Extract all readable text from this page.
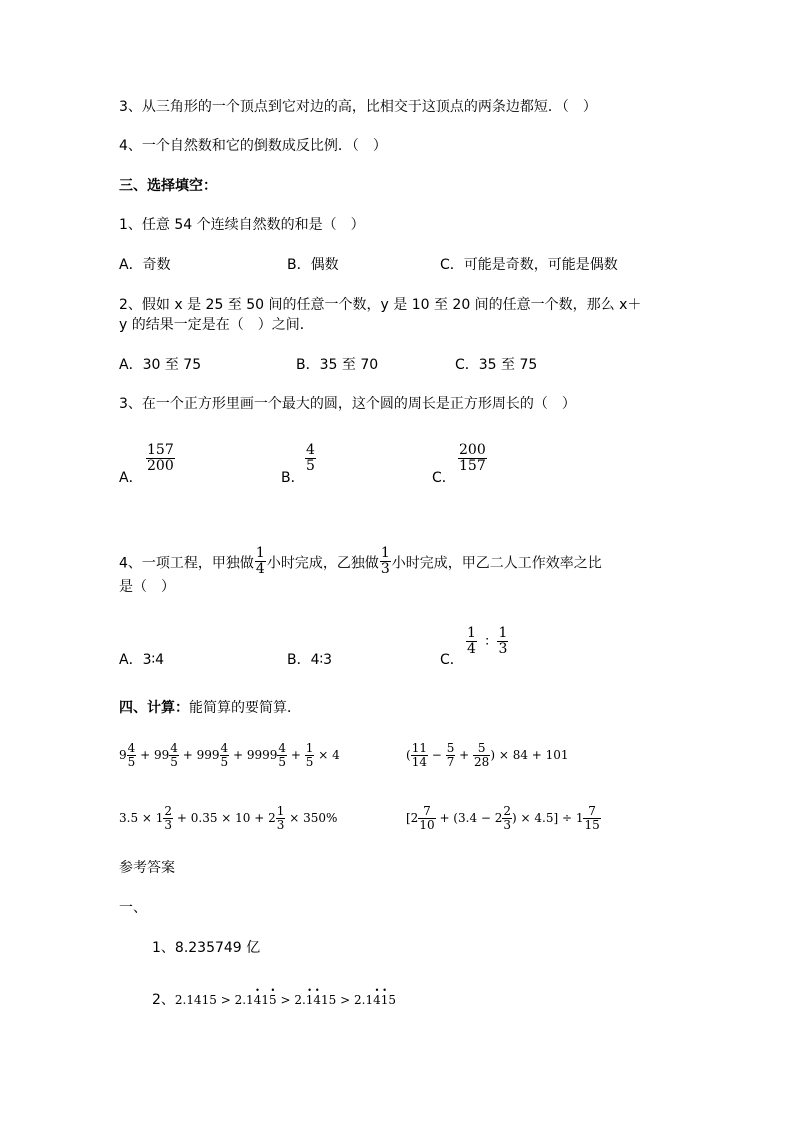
3、从三角形的一个顶点到它对边的高，比相交于这顶点的两条边都短．（　）
4、一个自然数和它的倒数成反比例．（　）
三、选择填空：
1、任意 54 个连续自然数的和是（　）
A．奇数	B．偶数	C．可能是奇数，可能是偶数
2、假如 x 是 25 至 50 间的任意一个数，y 是 10 至 20 间的任意一个数，那么 x＋
y 的结果一定是在（　）之间．
A．30 至 75	B．35 至 70	C．35 至 75
3、在一个正方形里画一个最大的圆，这个圆的周长是正方形周长的（　）
A．
$\frac{157}{200}$
B．
$\frac{4}{5}$
C．
$\frac{200}{157}$
4、一项工程，甲独做 $\frac{1}{4}$ 小时完成，乙独做 $\frac{1}{3}$ 小时完成，甲乙二人工作效率之比
是（　）
A．3∶4	B．4∶3	C．
$\frac{1}{4}$ ∶ $\frac{1}{3}$
四、计算：能简算的要简算．
$9 \frac{4}{5} + 99 \frac{4}{5} + 999 \frac{4}{5} + 9999 \frac{4}{5} + \frac{1}{5} \times 4$	( $\frac{11}{14} - \frac{5}{7} + \frac{5}{28}$ ) × 84 + 101
$3.5 \times 1 \frac{2}{3} + 0.35 \times 10 + 2 \frac{1}{3} \times 350\%$	[$2 \frac{7}{10} + (3.4 - 2 \frac{2}{3}$ ) × $4.5] \div 1 \frac{7}{15}$
参考答案
一、
1、8.235749 亿
2、2.1415 > 2.14 •15 • > 2.1 •4 •15 > 2.14 •1 •5
